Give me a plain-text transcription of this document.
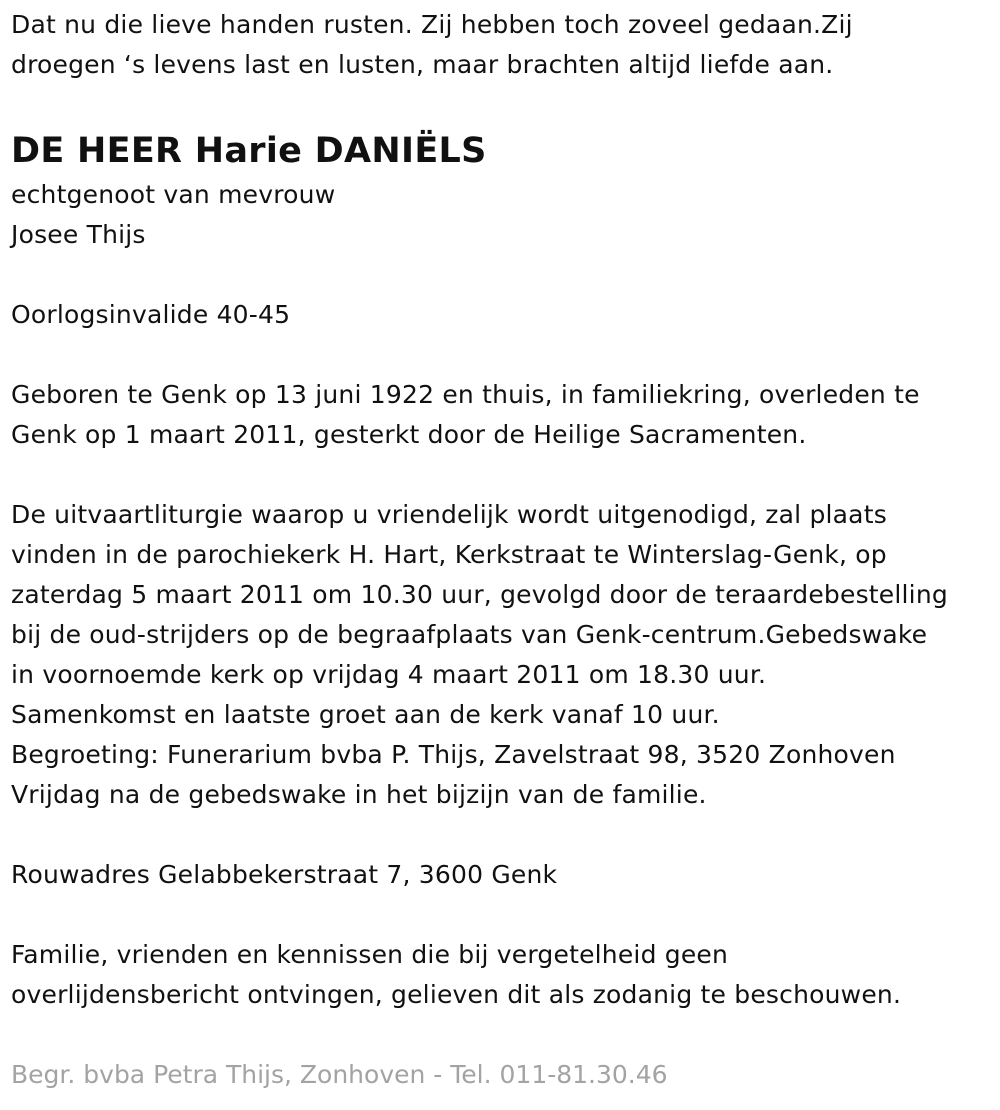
Dat nu die lieve handen rusten. Zij hebben toch zoveel gedaan.Zij
droegen ‘s levens last en lusten, maar brachten altijd liefde aan.
DE HEER Harie DANIËLS
echtgenoot van mevrouw
Josee Thijs
Oorlogsinvalide 40-45
Geboren te Genk op 13 juni 1922 en thuis, in familiekring, overleden te
Genk op 1 maart 2011, gesterkt door de Heilige Sacramenten.
De uitvaartliturgie waarop u vriendelijk wordt uitgenodigd, zal plaats
vinden in de parochiekerk H. Hart, Kerkstraat te Winterslag-Genk, op
zaterdag 5 maart 2011 om 10.30 uur, gevolgd door de teraardebestelling
bij de oud-strijders op de begraafplaats van Genk-centrum.Gebedswake
in voornoemde kerk op vrijdag 4 maart 2011 om 18.30 uur.
Samenkomst en laatste groet aan de kerk vanaf 10 uur.
Begroeting: Funerarium bvba P. Thijs, Zavelstraat 98, 3520 Zonhoven
Vrijdag na de gebedswake in het bijzijn van de familie.
Rouwadres Gelabbekerstraat 7, 3600 Genk
Familie, vrienden en kennissen die bij vergetelheid geen
overlijdensbericht ontvingen, gelieven dit als zodanig te beschouwen.
Begr. bvba Petra Thijs, Zonhoven - Tel. 011-81.30.46
